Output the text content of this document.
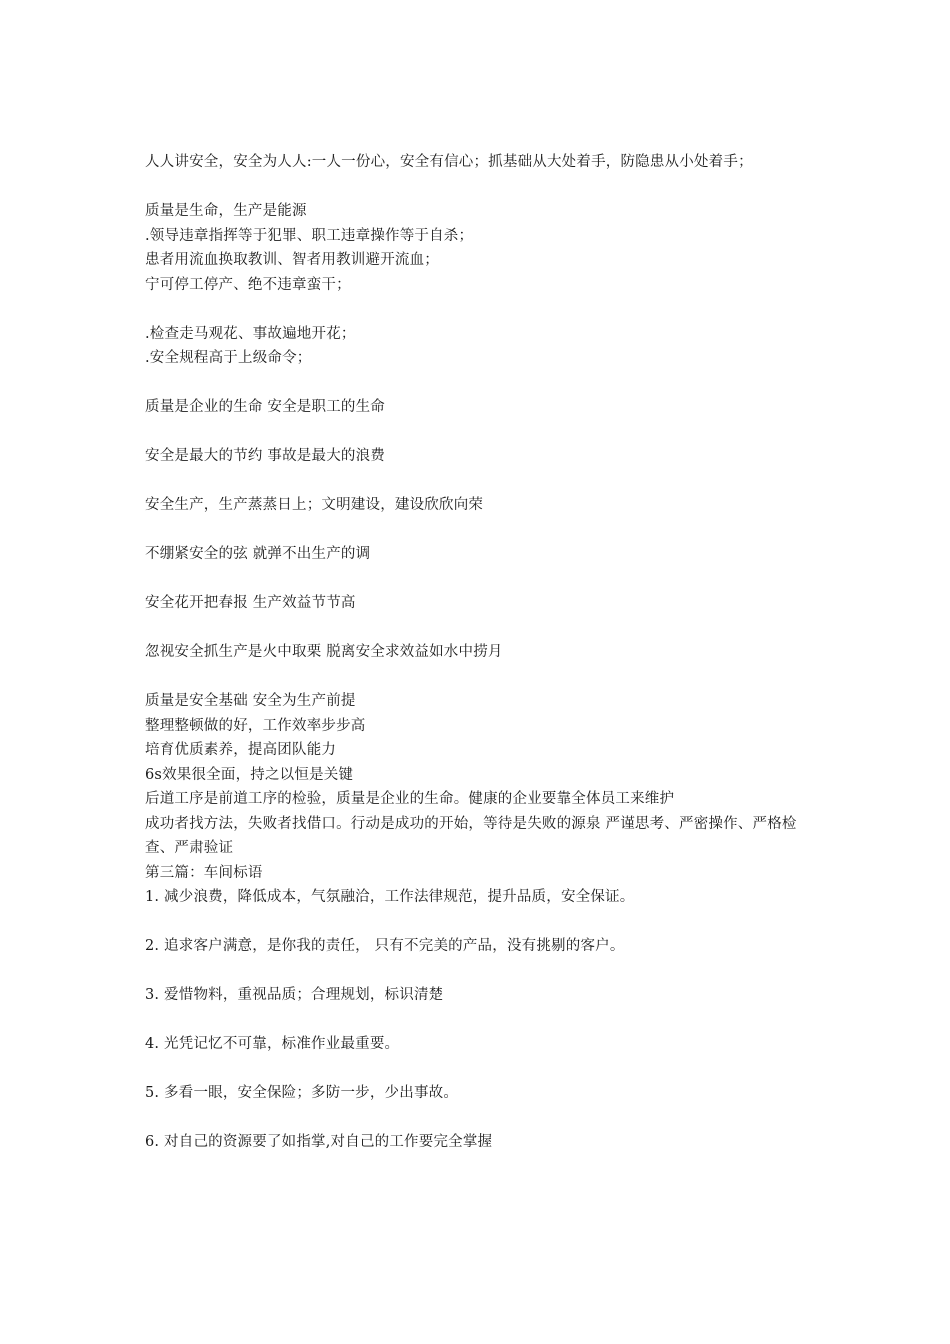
人人讲安全，安全为人人:一人一份心，安全有信心；抓基础从大处着手，防隐患从小处着手；
质量是生命，生产是能源
.领导违章指挥等于犯罪、职工违章操作等于自杀；
患者用流血换取教训、智者用教训避开流血；
宁可停工停产、绝不违章蛮干；
.检查走马观花、事故遍地开花；
.安全规程高于上级命令；
质量是企业的生命 安全是职工的生命
安全是最大的节约 事故是最大的浪费
安全生产，生产蒸蒸日上；文明建设，建设欣欣向荣
不绷紧安全的弦 就弹不出生产的调
安全花开把春报 生产效益节节高
忽视安全抓生产是火中取栗 脱离安全求效益如水中捞月
质量是安全基础 安全为生产前提
整理整顿做的好，工作效率步步高
培育优质素养，提高团队能力
6s效果很全面，持之以恒是关键
后道工序是前道工序的检验，质量是企业的生命。健康的企业要靠全体员工来维护
成功者找方法，失败者找借口。行动是成功的开始，等待是失败的源泉 严谨思考、严密操作、严格检查、严肃验证
第三篇：车间标语
1. 减少浪费，降低成本，气氛融洽，工作法律规范，提升品质，安全保证。
2. 追求客户满意，是你我的责任， 只有不完美的产品，没有挑剔的客户。
3. 爱惜物料，重视品质；合理规划，标识清楚
4. 光凭记忆不可靠，标准作业最重要。
5. 多看一眼，安全保险；多防一步，少出事故。
6. 对自己的资源要了如指掌,对自己的工作要完全掌握
